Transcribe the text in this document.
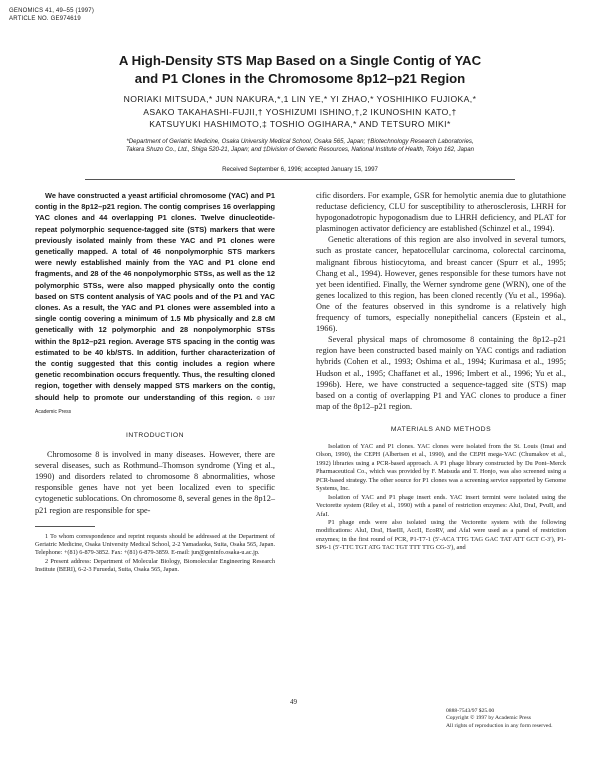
GENOMICS 41, 49–55 (1997)
ARTICLE NO. GE974619
A High-Density STS Map Based on a Single Contig of YAC
and P1 Clones in the Chromosome 8p12–p21 Region
NORIAKI MITSUDA,* JUN NAKURA,*,1 LIN YE,* YI ZHAO,* YOSHIHIKO FUJIOKA,*
ASAKO TAKAHASHI-FUJII,† YOSHIZUMI ISHINO,†,2 IKUNOSHIN KATO,†
KATSUYUKI HASHIMOTO,‡ TOSHIO OGIHARA,* AND TETSURO MIKI*
*Department of Geriatric Medicine, Osaka University Medical School, Osaka 565, Japan; †Biotechnology Research Laboratories,
Takara Shuzo Co., Ltd., Shiga 520-21, Japan; and ‡Division of Genetic Resources, National Institute of Health, Tokyo 162, Japan
Received September 6, 1996; accepted January 15, 1997

We have constructed a yeast artificial chromosome (YAC) and P1 contig in the 8p12–p21 region. The contig comprises 16 overlapping YAC clones and 44 overlapping P1 clones. Twelve dinucleotide-repeat polymorphic sequence-tagged site (STS) markers that were previously isolated mainly from these YAC and P1 clones were genetically mapped. A total of 46 nonpolymorphic STS markers were newly established mainly from the YAC and P1 clone end fragments, and 28 of the 46 nonpolymorphic STSs, as well as the 12 polymorphic STSs, were also mapped physically onto the contig based on STS content analysis of YAC pools and of the P1 and YAC clones. As a result, the YAC and P1 clones were assembled into a single contig covering a minimum of 1.5 Mb physically and 2.8 cM genetically with 12 polymorphic and 28 nonpolymorphic STSs within the 8p12–p21 region. Average STS spacing in the contig was estimated to be 40 kb/STS. In addition, further characterization of the contig suggested that this contig includes a region where genetic recombination occurs frequently. Thus, the resulting cloned region, together with densely mapped STS markers on the contig, should help to promote our understanding of this region. © 1997 Academic Press

INTRODUCTION

Chromosome 8 is involved in many diseases. However, there are several diseases, such as Rothmund–Thomson syndrome (Ying et al., 1990) and disorders related to chromosome 8 abnormalities, whose responsible genes have not yet been localized even to specific cytogenetic sublocations. On chromosome 8, several genes in the 8p12–p21 region are responsible for spe-

1 To whom correspondence and reprint requests should be addressed at the Department of Geriatric Medicine, Osaka University Medical School, 2-2 Yamadaoka, Suita, Osaka 565, Japan. Telephone: +(81) 6-879-3852. Fax: +(81) 6-879-3859. E-mail: jun@geninfo.osaka-u.ac.jp.

2 Present address: Department of Molecular Biology, Biomolecular Engineering Research Institute (BERI), 6-2-3 Furuedai, Suita, Osaka 565, Japan.

cific disorders. For example, GSR for hemolytic anemia due to glutathione reductase deficiency, CLU for susceptibility to atherosclerosis, LHRH for hypogonadotropic hypogonadism due to LHRH deficiency, and PLAT for plasminogen activator deficiency are established (Schinzel et al., 1994).

Genetic alterations of this region are also involved in several tumors, such as prostate cancer, hepatocellular carcinoma, colorectal carcinoma, malignant fibrous histiocytoma, and breast cancer (Spurr et al., 1995; Chang et al., 1994). However, genes responsible for these tumors have not yet been identified. Finally, the Werner syndrome gene (WRN), one of the genes localized to this region, has been cloned recently (Yu et al., 1996a). One of the features observed in this syndrome is a relatively high frequency of tumors, especially nonepithelial cancers (Epstein et al., 1966).

Several physical maps of chromosome 8 containing the 8p12–p21 region have been constructed based mainly on YAC contigs and radiation hybrids (Cohen et al., 1993; Oshima et al., 1994; Kurimasa et al., 1995; Hudson et al., 1995; Chaffanet et al., 1996; Imbert et al., 1996; Yu et al., 1996b). Here, we have constructed a sequence-tagged site (STS) map based on a contig of overlapping P1 and YAC clones to produce a finer map of the 8p12–p21 region.

MATERIALS AND METHODS

Isolation of YAC and P1 clones. YAC clones were isolated from the St. Louis (Imai and Olson, 1990), the CEPH (Albertsen et al., 1990), and the CEPH mega-YAC (Chumakov et al., 1992) libraries using a PCR-based approach. A P1 phage library constructed by Du Pont–Merck Pharmaceutical Co., which was provided by F. Matsuda and T. Honjo, was also screened using a PCR-based strategy. The other source for P1 clones was a screening service supported by Genome Systems, Inc.

Isolation of YAC and P1 phage insert ends. YAC insert termini were isolated using the Vectorette system (Riley et al., 1990) with a panel of restriction enzymes: AluI, DraI, PvuII, and AfaI.

P1 phage ends were also isolated using the Vectorette system with the following modifications: AluI, DraI, HaeIII, AccII, EcoRV, and AfaI were used as a panel of restriction enzymes; in the first round of PCR, P1-T7-1 (5′-ACA TTG TAG GAC TAT ATT GCT C-3′), P1-SP6-1 (5′-TTC TGT ATG TAC TGT TTT TTG CG-3′), and

49
0888-7543/97 $25.00
Copyright © 1997 by Academic Press
All rights of reproduction in any form reserved.
